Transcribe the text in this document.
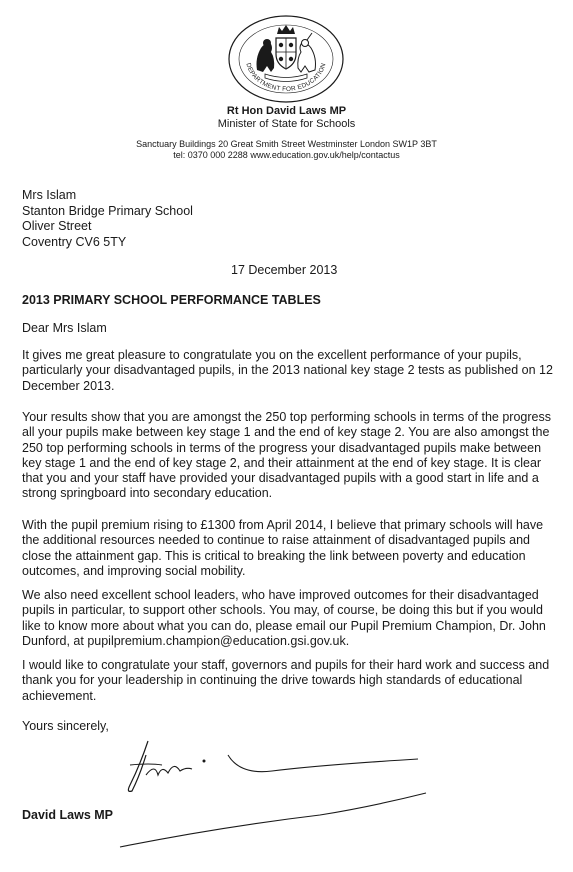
DEPARTMENT FOR EDUCATION
Rt Hon David Laws MP
Minister of State for Schools
Sanctuary Buildings 20 Great Smith Street Westminster London SW1P 3BT
tel: 0370 000 2288 www.education.gov.uk/help/contactus
Mrs Islam
Stanton Bridge Primary School
Oliver Street
Coventry CV6 5TY
17 December 2013
2013 PRIMARY SCHOOL PERFORMANCE TABLES
Dear Mrs Islam

It gives me great pleasure to congratulate you on the excellent performance of your pupils, particularly your disadvantaged pupils, in the 2013 national key stage 2 tests as published on 12 December 2013.

Your results show that you are amongst the 250 top performing schools in terms of the progress all your pupils make between key stage 1 and the end of key stage 2. You are also amongst the 250 top performing schools in terms of the progress your disadvantaged pupils make between key stage 1 and the end of key stage 2, and their attainment at the end of key stage. It is clear that you and your staff have provided your disadvantaged pupils with a good start in life and a strong springboard into secondary education.

With the pupil premium rising to £1300 from April 2014, I believe that primary schools will have the additional resources needed to continue to raise attainment of disadvantaged pupils and close the attainment gap. This is critical to breaking the link between poverty and education outcomes, and improving social mobility.

We also need excellent school leaders, who have improved outcomes for their disadvantaged pupils in particular, to support other schools. You may, of course, be doing this but if you would like to know more about what you can do, please email our Pupil Premium Champion, Dr. John Dunford, at pupilpremium.champion@education.gsi.gov.uk.

I would like to congratulate your staff, governors and pupils for their hard work and success and thank you for your leadership in continuing the drive towards high standards of educational achievement.

Yours sincerely,
David Laws MP
